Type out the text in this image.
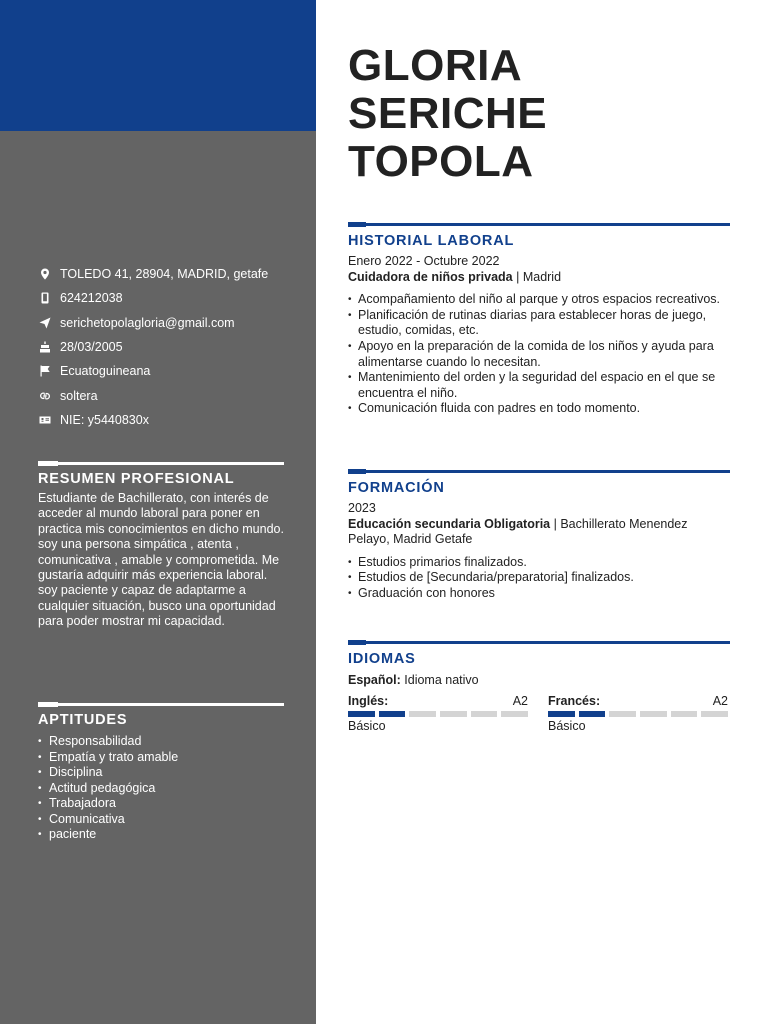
TOLEDO 41, 28904, MADRID, getafe
624212038
serichetopolagloria@gmail.com
28/03/2005
Ecuatoguineana
soltera
NIE: y5440830x
RESUMEN PROFESIONAL
Estudiante de Bachillerato, con interés de acceder al mundo laboral para poner en practica mis conocimientos en dicho mundo. soy una persona simpática , atenta , comunicativa , amable y comprometida. Me gustaría adquirir más experiencia laboral.
soy paciente y capaz de adaptarme a cualquier situación, busco una oportunidad para poder mostrar mi capacidad.
APTITUDES
• Responsabilidad
• Empatía y trato amable
• Disciplina
• Actitud pedagógica
• Trabajadora
• Comunicativa
• paciente
GLORIA
SERICHE
TOPOLA
HISTORIAL LABORAL
Enero 2022 - Octubre 2022
Cuidadora de niños privada | Madrid
• Acompañamiento del niño al parque y otros espacios recreativos.
• Planificación de rutinas diarias para establecer horas de juego, estudio, comidas, etc.
• Apoyo en la preparación de la comida de los niños y ayuda para alimentarse cuando lo necesitan.
• Mantenimiento del orden y la seguridad del espacio en el que se encuentra el niño.
• Comunicación fluida con padres en todo momento.
FORMACIÓN
2023
Educación secundaria Obligatoria | Bachillerato Menendez Pelayo, Madrid Getafe
• Estudios primarios finalizados.
• Estudios de [Secundaria/preparatoria] finalizados.
• Graduación con honores
IDIOMAS
Español: Idioma nativo
Inglés:	A2
Básico
Francés:	A2
Básico
